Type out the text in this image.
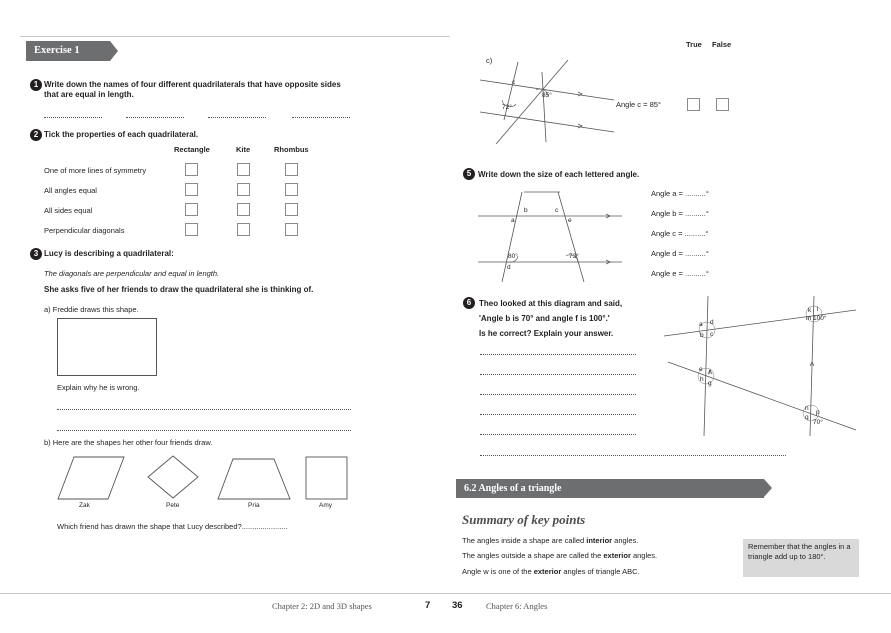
Exercise 1
1 Write down the names of four different quadrilaterals that have opposite sides
that are equal in length.
2 Tick the properties of each quadrilateral.
Rectangle	Kite	Rhombus
One of more lines of symmetry
All angles equal
All sides equal
Perpendicular diagonals
3 Lucy is describing a quadrilateral:
The diagonals are perpendicular and equal in length.
She asks five of her friends to draw the quadrilateral she is thinking of.
a) Freddie draws this shape.
Explain why he is wrong.
b) Here are the shapes her other four friends draw.
Zak	Pete	Pria	Amy
Which friend has drawn the shape that Lucy described?......................
True False
c)
c
72°
85°
Angle c = 85°
5 Write down the size of each lettered angle.
b	c
a	e
80°	73°
d
Angle a = ..........°
Angle b = ..........°
Angle c = ..........°
Angle d = ..........°
Angle e = ..........°
6 Theo looked at this diagram and said,
'Angle b is 70° and angle f is 100°.'
Is he correct? Explain your answer.
a d
b c
e f
h
g
k l
m 100°
n
p
q
70°
6.2 Angles of a triangle
Summary of key points
The angles inside a shape are called interior angles.
The angles outside a shape are called the exterior angles.
Angle w is one of the exterior angles of triangle ABC.
Remember that the angles in a triangle add up to 180°.
Chapter 2: 2D and 3D shapes	7 36	Chapter 6: Angles
